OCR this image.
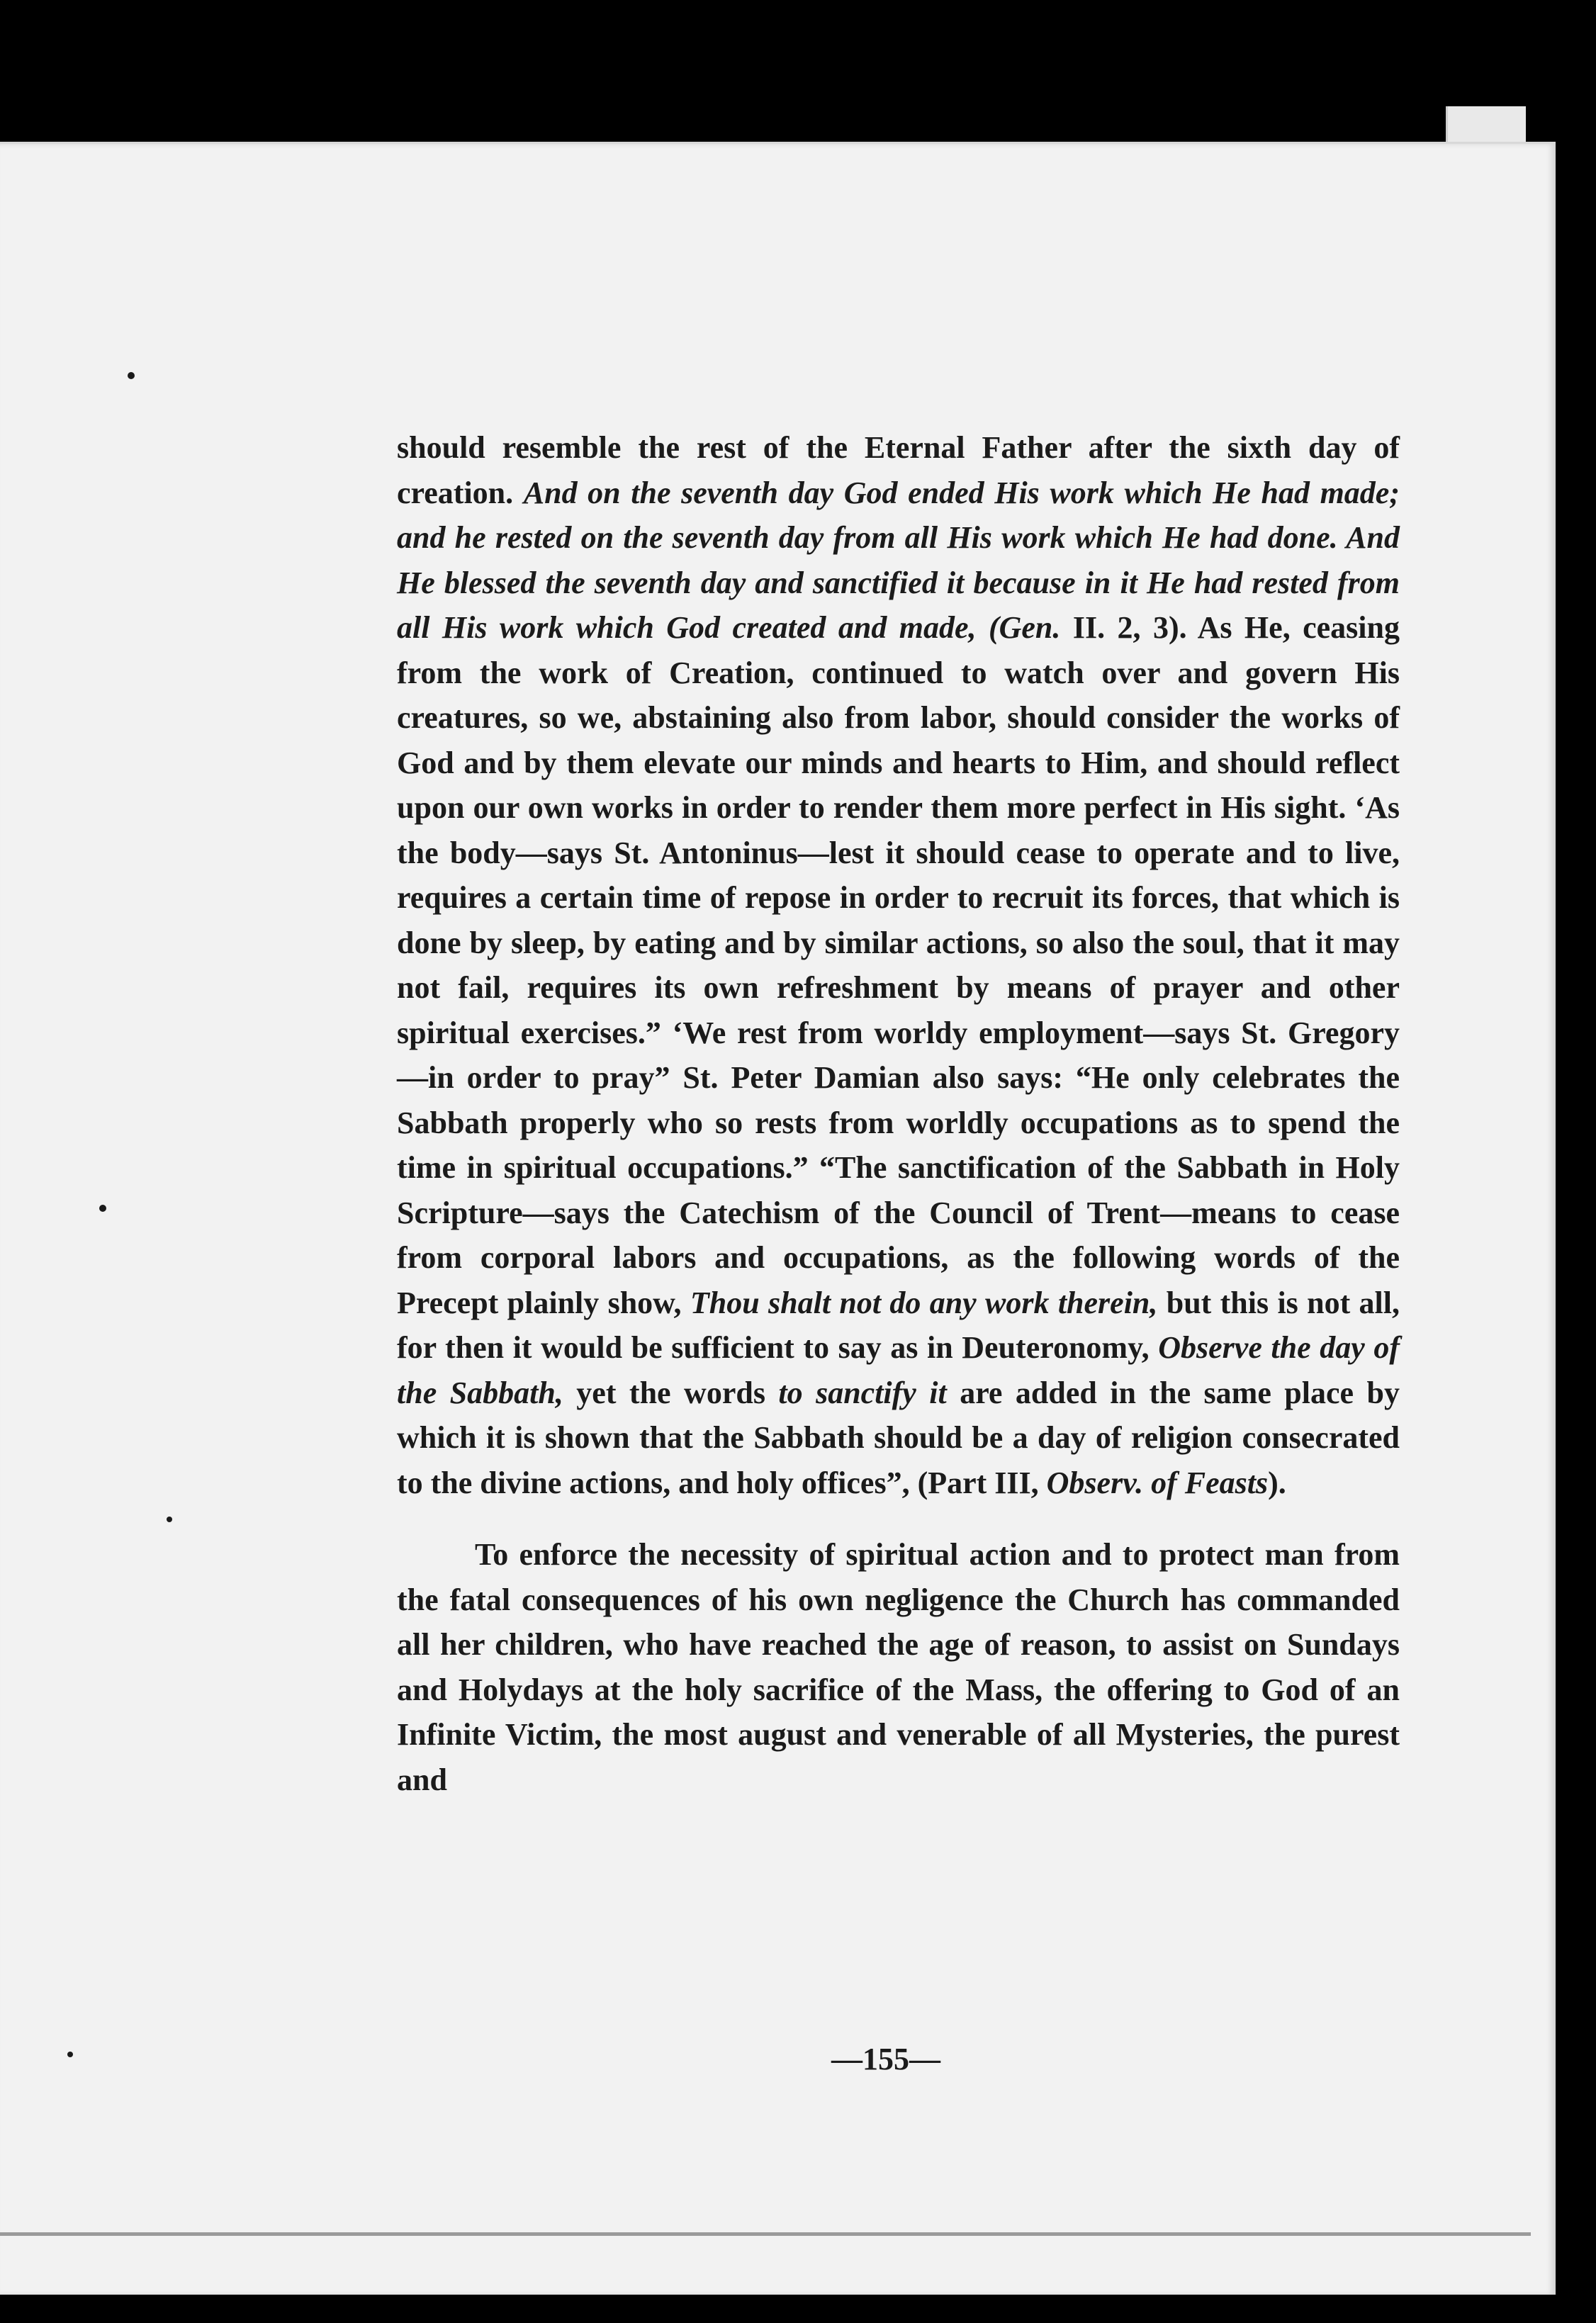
should resemble the rest of the Eternal Father after the sixth day of creation. And on the seventh day God ended His work which He had made; and he rested on the seventh day from all His work which He had done. And He blessed the seventh day and sanctified it because in it He had rested from all His work which God created and made, (Gen. II. 2, 3). As He, ceasing from the work of Creation, continued to watch over and govern His creatures, so we, abstaining also from labor, should consider the works of God and by them elevate our minds and hearts to Him, and should reflect upon our own works in order to render them more perfect in His sight. ‘As the body—says St. Antoninus—lest it should cease to operate and to live, requires a certain time of repose in order to recruit its forces, that which is done by sleep, by eating and by similar actions, so also the soul, that it may not fail, requires its own refreshment by means of prayer and other spiritual exercises.” ‘We rest from worldy employment—says St. Gregory—in order to pray” St. Peter Damian also says: “He only celebrates the Sabbath properly who so rests from worldly occupations as to spend the time in spiritual occupations.” “The sanctification of the Sabbath in Holy Scripture—says the Catechism of the Council of Trent—means to cease from corporal labors and occupations, as the following words of the Precept plainly show, Thou shalt not do any work therein, but this is not all, for then it would be sufficient to say as in Deuteronomy, Observe the day of the Sabbath, yet the words to sanctify it are added in the same place by which it is shown that the Sabbath should be a day of religion consecrated to the divine actions, and holy offices”, (Part III, Observ. of Feasts).

To enforce the necessity of spiritual action and to protect man from the fatal consequences of his own negligence the Church has commanded all her children, who have reached the age of reason, to assist on Sundays and Holydays at the holy sacrifice of the Mass, the offering to God of an Infinite Victim, the most august and venerable of all Mysteries, the purest and

—155—
